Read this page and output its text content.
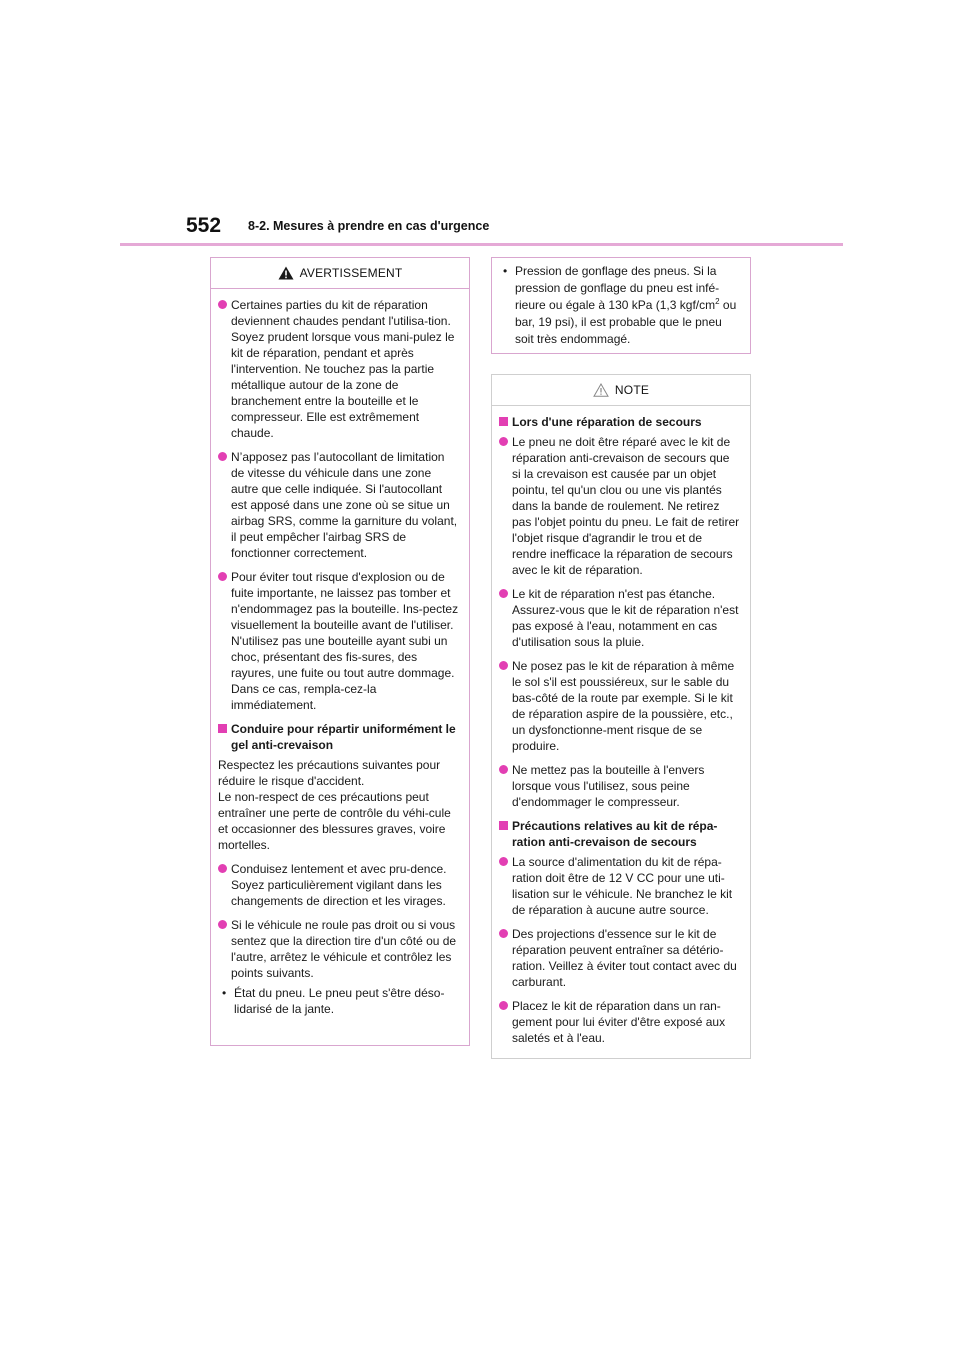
552 8-2. Mesures à prendre en cas d'urgence
AVERTISSEMENT
Certaines parties du kit de réparation deviennent chaudes pendant l'utilisa-tion. Soyez prudent lorsque vous mani-pulez le kit de réparation, pendant et après l'intervention. Ne touchez pas la partie métallique autour de la zone de branchement entre la bouteille et le compresseur. Elle est extrêmement chaude.
N’apposez pas l’autocollant de limitation de vitesse du véhicule dans une zone autre que celle indiquée. Si l'autocollant est apposé dans une zone où se situe un airbag SRS, comme la garniture du volant, il peut empêcher l'airbag SRS de fonctionner correctement.
Pour éviter tout risque d'explosion ou de fuite importante, ne laissez pas tomber et n'endommagez pas la bouteille. Ins-pectez visuellement la bouteille avant de l'utiliser. N'utilisez pas une bouteille ayant subi un choc, présentant des fis-sures, des rayures, une fuite ou tout autre dommage. Dans ce cas, rempla-cez-la immédiatement.
Conduire pour répartir uniformément le gel anti-crevaison
Respectez les précautions suivantes pour réduire le risque d'accident.
Le non-respect de ces précautions peut entraîner une perte de contrôle du véhi-cule et occasionner des blessures graves, voire mortelles.
Conduisez lentement et avec pru-dence. Soyez particulièrement vigilant dans les changements de direction et les virages.
Si le véhicule ne roule pas droit ou si vous sentez que la direction tire d'un côté ou de l'autre, arrêtez le véhicule et contrôlez les points suivants.
• État du pneu. Le pneu peut s'être déso-lidarisé de la jante.
• Pression de gonflage des pneus. Si la pression de gonflage du pneu est infé-rieure ou égale à 130 kPa (1,3 kgf/$cm^2$ ou bar, 19 psi), il est probable que le pneu soit très endommagé.
NOTE
Lors d'une réparation de secours
Le pneu ne doit être réparé avec le kit de réparation anti-crevaison de secours que si la crevaison est causée par un objet pointu, tel qu'un clou ou une vis plantés dans la bande de roulement. Ne retirez pas l'objet pointu du pneu. Le fait de retirer l'objet risque d'agrandir le trou et de rendre inefficace la réparation de secours avec le kit de réparation.
Le kit de réparation n'est pas étanche. Assurez-vous que le kit de réparation n'est pas exposé à l'eau, notamment en cas d'utilisation sous la pluie.
Ne posez pas le kit de réparation à même le sol s'il est poussiéreux, sur le sable du bas-côté de la route par exemple. Si le kit de réparation aspire de la poussière, etc., un dysfonctionne-ment risque de se produire.
Ne mettez pas la bouteille à l'envers lorsque vous l'utilisez, sous peine d'endommager le compresseur.
Précautions relatives au kit de répa-ration anti-crevaison de secours
La source d'alimentation du kit de répa-ration doit être de 12 V CC pour une uti-lisation sur le véhicule. Ne branchez le kit de réparation à aucune autre source.
Des projections d'essence sur le kit de réparation peuvent entraîner sa détério-ration. Veillez à éviter tout contact avec du carburant.
Placez le kit de réparation dans un ran-gement pour lui éviter d'être exposé aux saletés et à l'eau.
